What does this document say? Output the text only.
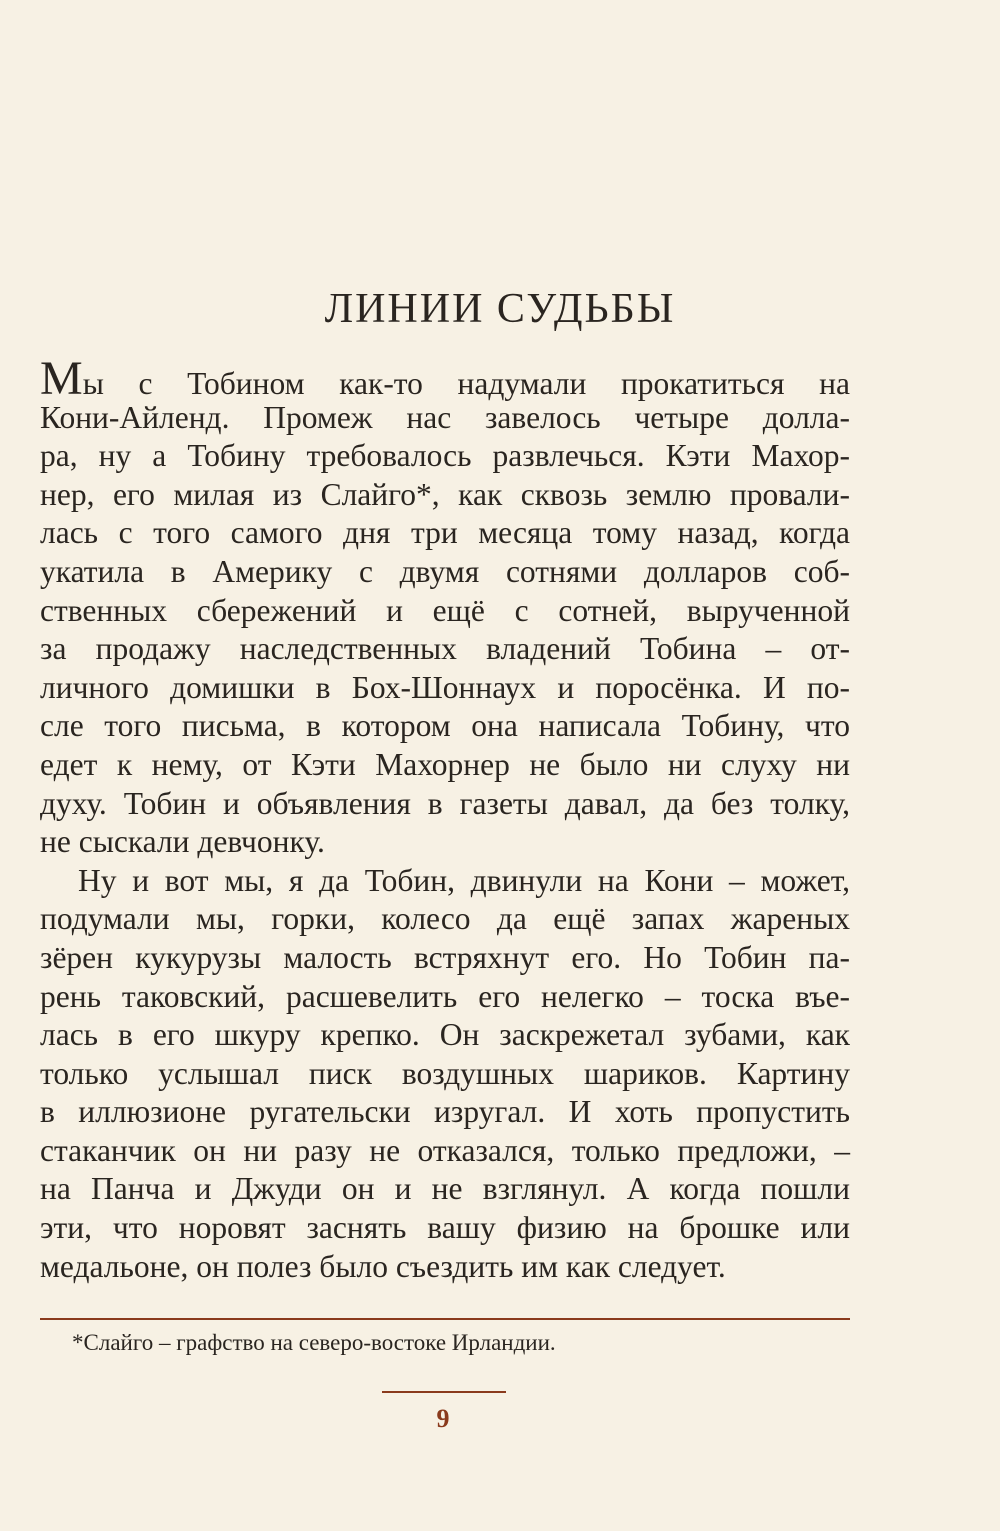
ЛИНИИ СУДЬБЫ
Мы с Тобином как-то надумали прокатиться на
Кони-Айленд. Промеж нас завелось четыре долла-
ра, ну а Тобину требовалось развлечься. Кэти Махор-
нер, его милая из Слайго*, как сквозь землю провали-
лась с того самого дня три месяца тому назад, когда
укатила в Америку с двумя сотнями долларов соб-
ственных сбережений и ещё с сотней, вырученной
за продажу наследственных владений Тобина – от-
личного домишки в Бох-Шоннаух и поросёнка. И по-
сле того письма, в котором она написала Тобину, что
едет к нему, от Кэти Махорнер не было ни слуху ни
духу. Тобин и объявления в газеты давал, да без толку,
не сыскали девчонку.
Ну и вот мы, я да Тобин, двинули на Кони – может,
подумали мы, горки, колесо да ещё запах жареных
зёрен кукурузы малость встряхнут его. Но Тобин па-
рень таковский, расшевелить его нелегко – тоска въе-
лась в его шкуру крепко. Он заскрежетал зубами, как
только услышал писк воздушных шариков. Картину
в иллюзионе ругательски изругал. И хоть пропустить
стаканчик он ни разу не отказался, только предложи, –
на Панча и Джуди он и не взглянул. А когда пошли
эти, что норовят заснять вашу физию на брошке или
медальоне, он полез было съездить им как следует.
*Слайго – графство на северо-востоке Ирландии.
9
